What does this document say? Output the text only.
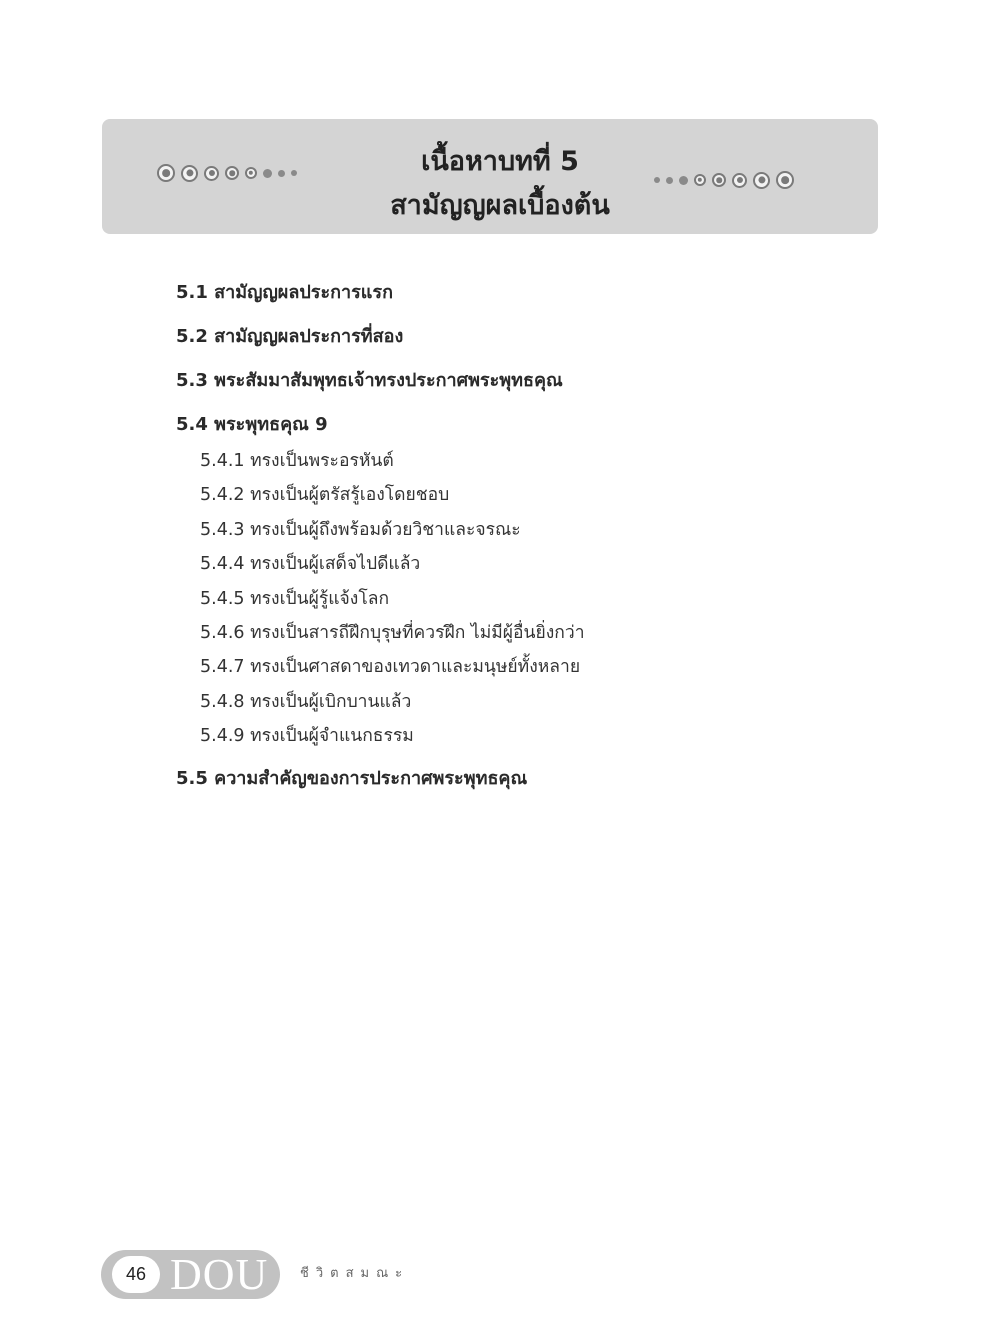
เนื้อหาบทที่ 5
สามัญญผลเบื้องต้น
5.1 สามัญญผลประการแรก
5.2 สามัญญผลประการที่สอง
5.3 พระสัมมาสัมพุทธเจ้าทรงประกาศพระพุทธคุณ
5.4 พระพุทธคุณ 9
5.4.1 ทรงเป็นพระอรหันต์
5.4.2 ทรงเป็นผู้ตรัสรู้เองโดยชอบ
5.4.3 ทรงเป็นผู้ถึงพร้อมด้วยวิชาและจรณะ
5.4.4 ทรงเป็นผู้เสด็จไปดีแล้ว
5.4.5 ทรงเป็นผู้รู้แจ้งโลก
5.4.6 ทรงเป็นสารถีฝึกบุรุษที่ควรฝึก ไม่มีผู้อื่นยิ่งกว่า
5.4.7 ทรงเป็นศาสดาของเทวดาและมนุษย์ทั้งหลาย
5.4.8 ทรงเป็นผู้เบิกบานแล้ว
5.4.9 ทรงเป็นผู้จำแนกธรรม
5.5 ความสำคัญของการประกาศพระพุทธคุณ
46 DOU ชีวิตสมณะ
